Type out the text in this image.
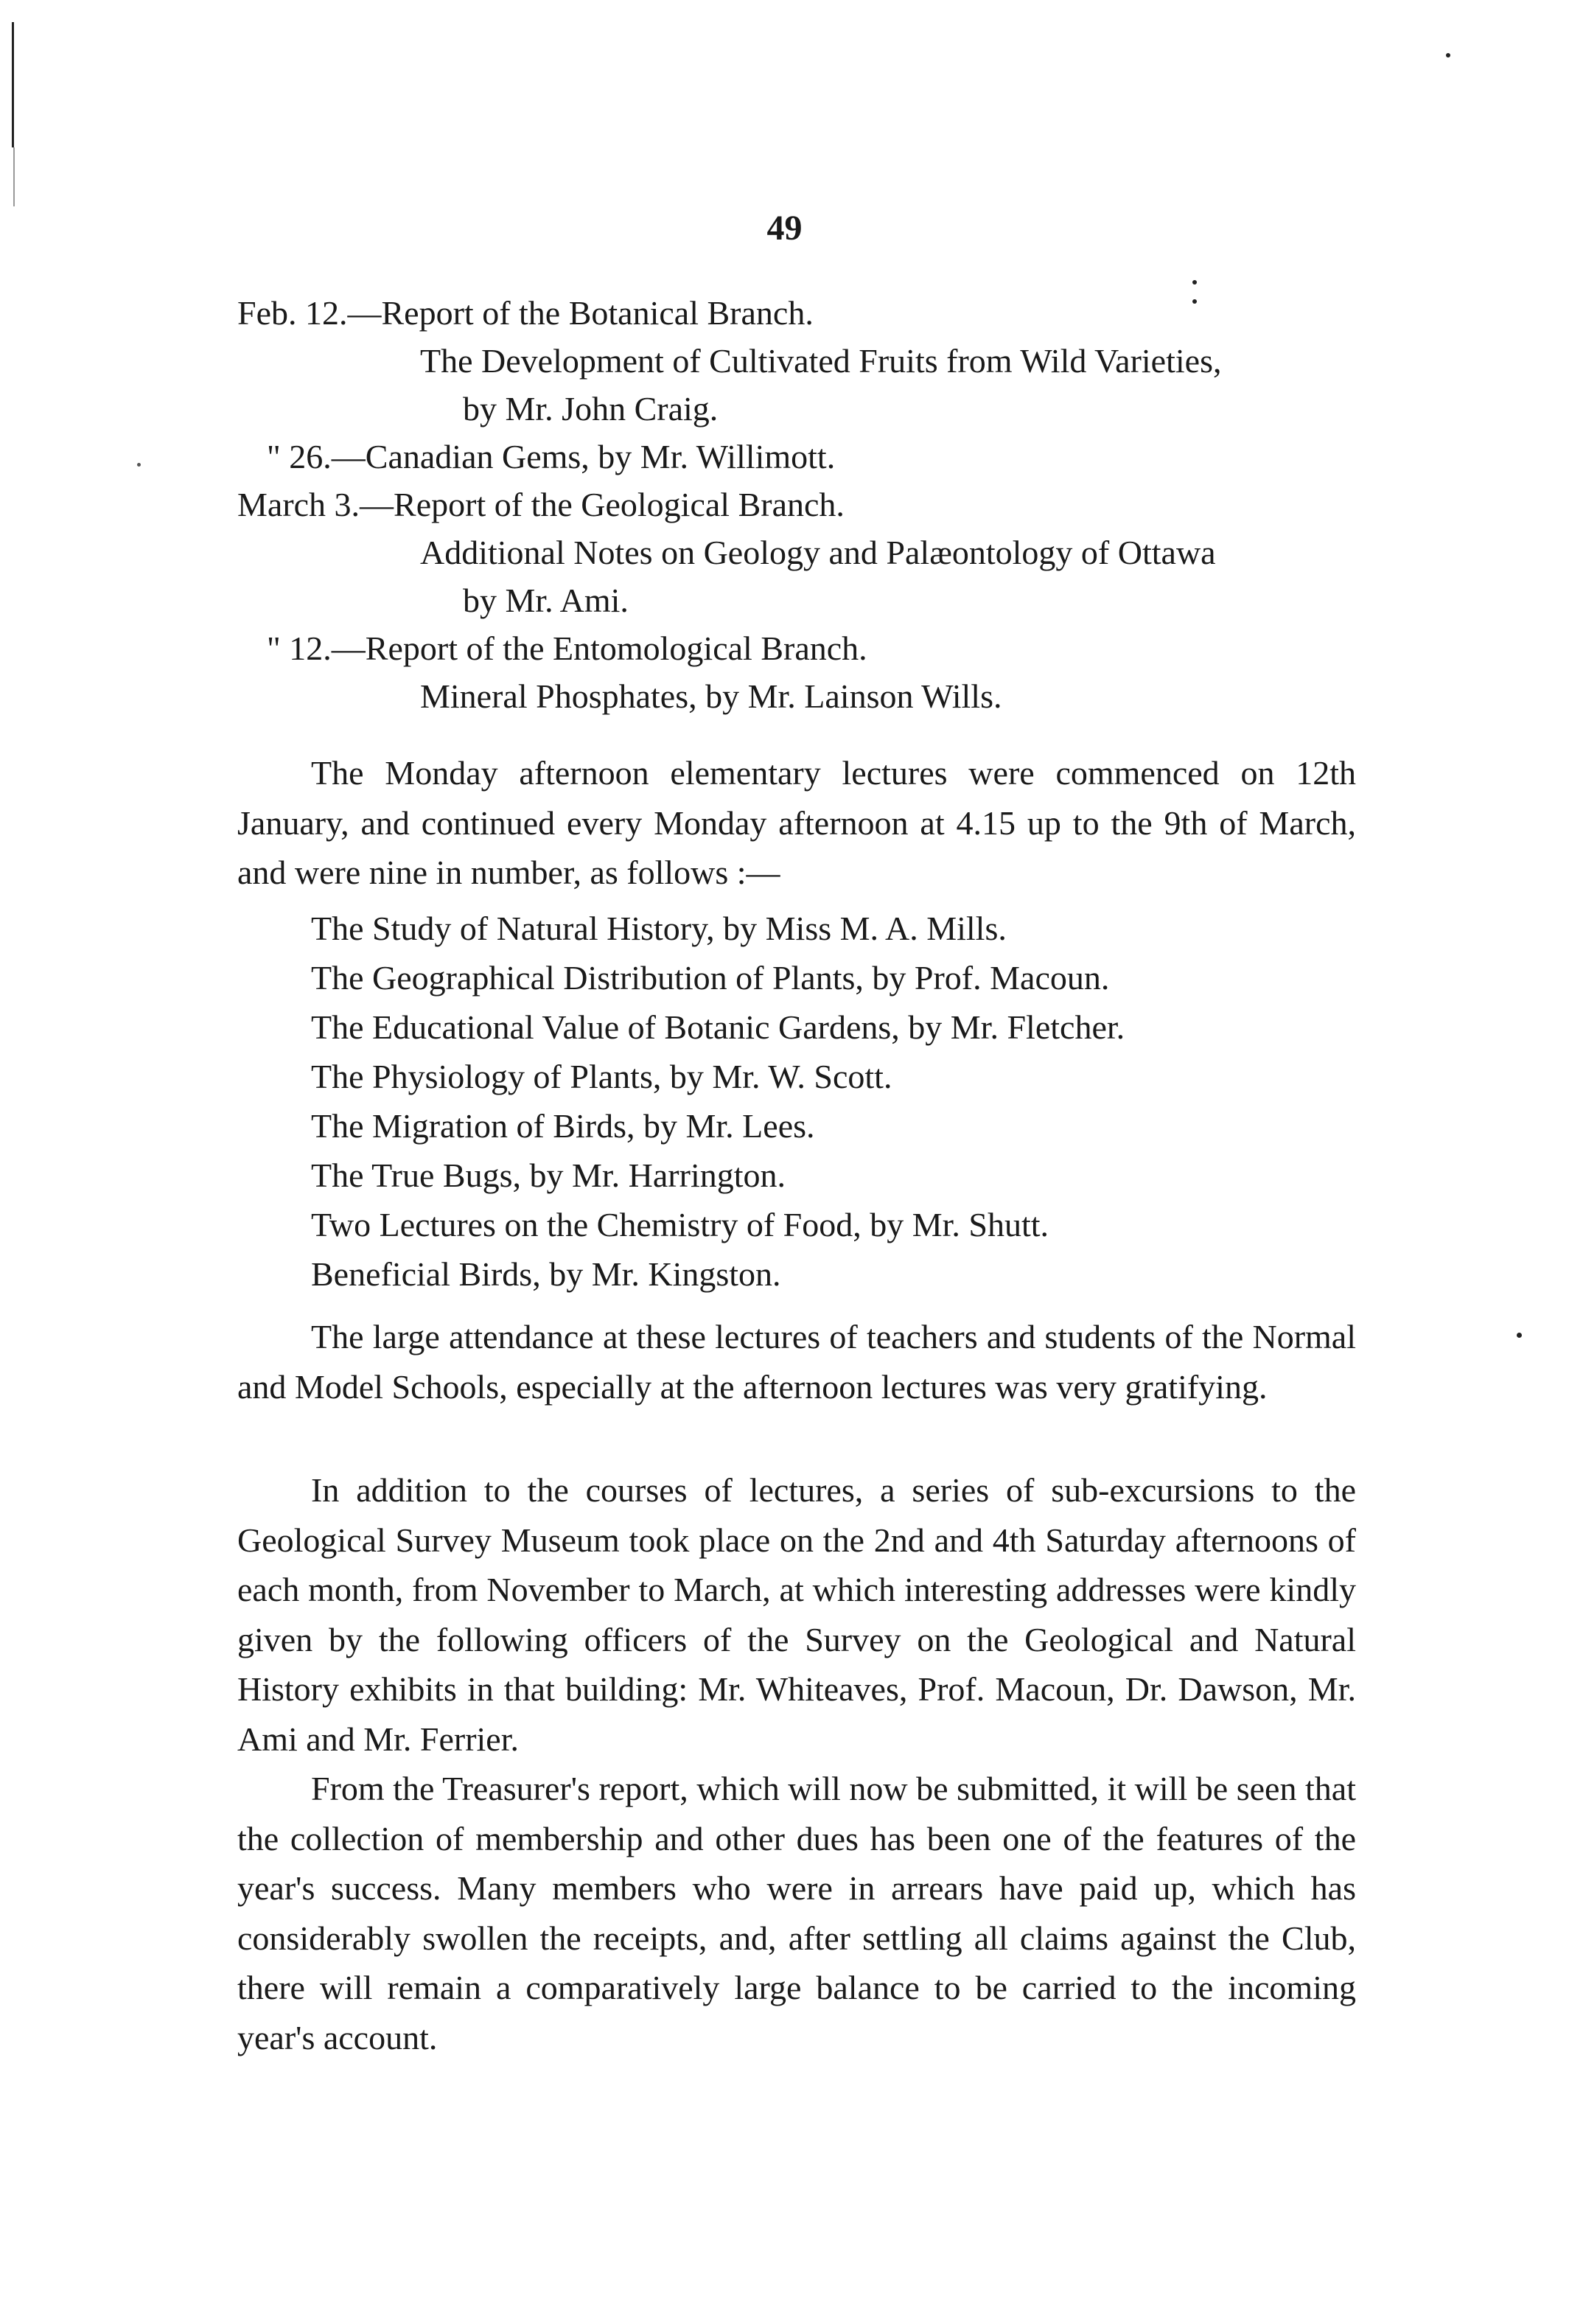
49
Feb. 12.—Report of the Botanical Branch.
The Development of Cultivated Fruits from Wild Varieties,
by Mr. John Craig.
" 26.—Canadian Gems, by Mr. Willimott.
March 3.—Report of the Geological Branch.
Additional Notes on Geology and Palæontology of Ottawa
by Mr. Ami.
" 12.—Report of the Entomological Branch.
Mineral Phosphates, by Mr. Lainson Wills.

The Monday afternoon elementary lectures were commenced on 12th January, and continued every Monday afternoon at 4.15 up to the 9th of March, and were nine in number, as follows :—

The Study of Natural History, by Miss M. A. Mills.
The Geographical Distribution of Plants, by Prof. Macoun.
The Educational Value of Botanic Gardens, by Mr. Fletcher.
The Physiology of Plants, by Mr. W. Scott.
The Migration of Birds, by Mr. Lees.
The True Bugs, by Mr. Harrington.
Two Lectures on the Chemistry of Food, by Mr. Shutt.
Beneficial Birds, by Mr. Kingston.

The large attendance at these lectures of teachers and students of the Normal and Model Schools, especially at the afternoon lectures was very gratifying.

In addition to the courses of lectures, a series of sub-excursions to the Geological Survey Museum took place on the 2nd and 4th Saturday afternoons of each month, from November to March, at which interesting addresses were kindly given by the following officers of the Survey on the Geological and Natural History exhibits in that building: Mr. Whiteaves, Prof. Macoun, Dr. Dawson, Mr. Ami and Mr. Ferrier.

From the Treasurer's report, which will now be submitted, it will be seen that the collection of membership and other dues has been one of the features of the year's success. Many members who were in arrears have paid up, which has considerably swollen the receipts, and, after settling all claims against the Club, there will remain a comparatively large balance to be carried to the incoming year's account.
